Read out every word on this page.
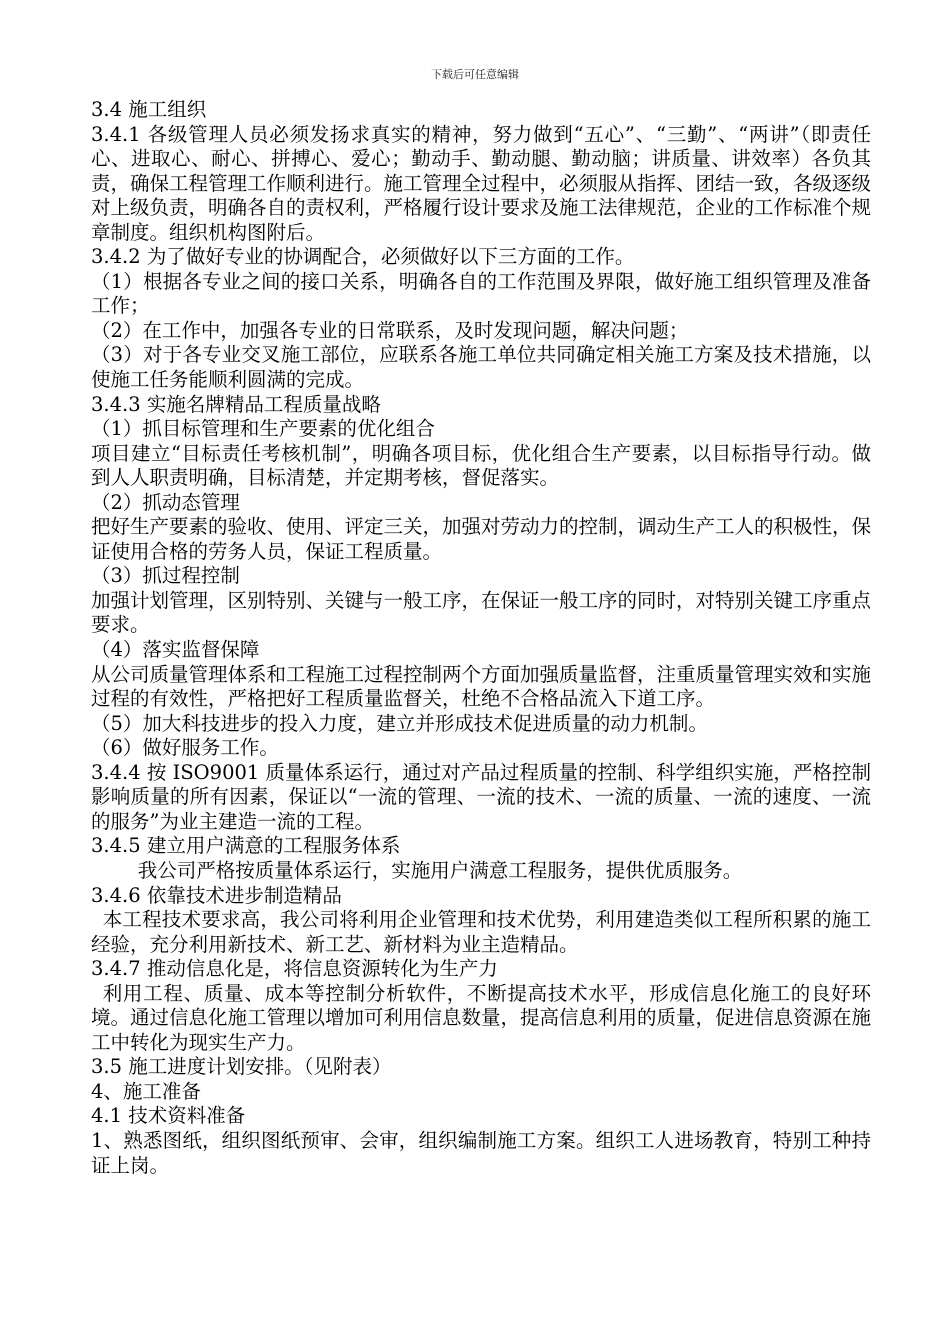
下载后可任意编辑

3.4 施工组织

3.4.1 各级管理人员必须发扬求真实的精神，努力做到“五心”、“三勤”、“两讲”（即责任心、进取心、耐心、拼搏心、爱心；勤动手、勤动腿、勤动脑；讲质量、讲效率）各负其责，确保工程管理工作顺利进行。施工管理全过程中，必须服从指挥、团结一致，各级逐级对上级负责，明确各自的责权利，严格履行设计要求及施工法律规范，企业的工作标准个规章制度。组织机构图附后。

3.4.2 为了做好专业的协调配合，必须做好以下三方面的工作。

（1）根据各专业之间的接口关系，明确各自的工作范围及界限，做好施工组织管理及准备工作；

（2）在工作中，加强各专业的日常联系，及时发现问题，解决问题；

（3）对于各专业交叉施工部位，应联系各施工单位共同确定相关施工方案及技术措施，以使施工任务能顺利圆满的完成。

3.4.3 实施名牌精品工程质量战略

（1）抓目标管理和生产要素的优化组合

项目建立“目标责任考核机制”，明确各项目标，优化组合生产要素，以目标指导行动。做到人人职责明确，目标清楚，并定期考核，督促落实。

（2）抓动态管理

把好生产要素的验收、使用、评定三关，加强对劳动力的控制，调动生产工人的积极性，保证使用合格的劳务人员，保证工程质量。

（3）抓过程控制

加强计划管理，区别特别、关键与一般工序，在保证一般工序的同时，对特别关键工序重点要求。

（4）落实监督保障

从公司质量管理体系和工程施工过程控制两个方面加强质量监督，注重质量管理实效和实施过程的有效性，严格把好工程质量监督关，杜绝不合格品流入下道工序。

（5）加大科技进步的投入力度，建立并形成技术促进质量的动力机制。

（6）做好服务工作。

3.4.4 按 ISO9001 质量体系运行，通过对产品过程质量的控制、科学组织实施，严格控制影响质量的所有因素，保证以“一流的管理、一流的技术、一流的质量、一流的速度、一流的服务”为业主建造一流的工程。

3.4.5 建立用户满意的工程服务体系

我公司严格按质量体系运行，实施用户满意工程服务，提供优质服务。

3.4.6 依靠技术进步制造精品

本工程技术要求高，我公司将利用企业管理和技术优势，利用建造类似工程所积累的施工经验，充分利用新技术、新工艺、新材料为业主造精品。

3.4.7 推动信息化是，将信息资源转化为生产力

利用工程、质量、成本等控制分析软件，不断提高技术水平，形成信息化施工的良好环境。通过信息化施工管理以增加可利用信息数量，提高信息利用的质量，促进信息资源在施工中转化为现实生产力。

3.5 施工进度计划安排。（见附表）

4、施工准备

4.1 技术资料准备

1、熟悉图纸，组织图纸预审、会审，组织编制施工方案。组织工人进场教育，特别工种持证上岗。
